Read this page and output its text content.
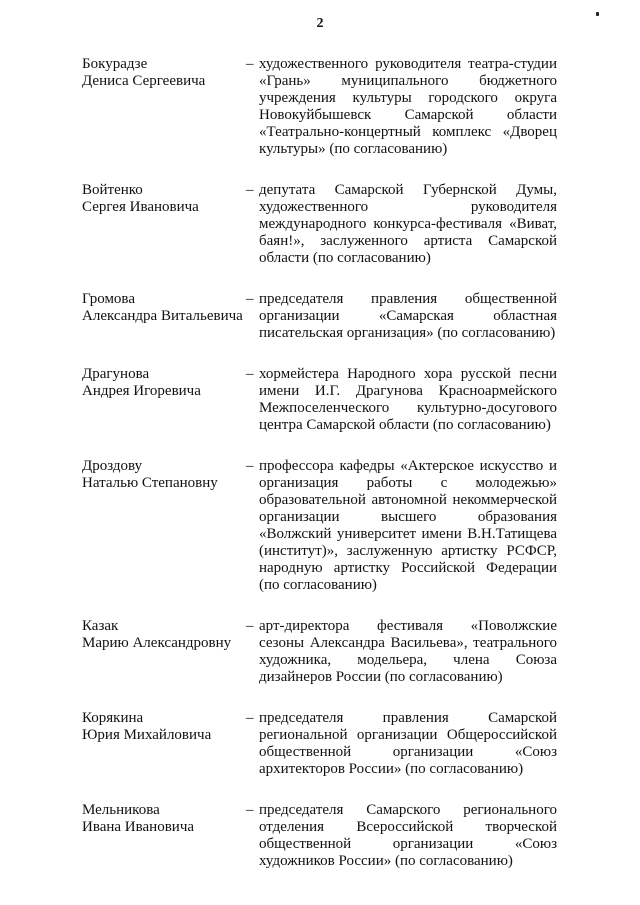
2
Бокурадзе
Дениса Сергеевича
– художественного руководителя театра-студии «Грань» муниципального бюджетного учреждения культуры городского округа Новокуйбышевск Самарской области «Театрально-концертный комплекс «Дворец культуры» (по согласованию)
Войтенко
Сергея Ивановича
– депутата Самарской Губернской Думы, художественного руководителя международного конкурса-фестиваля «Виват, баян!», заслуженного артиста Самарской области (по согласованию)
Громова
Александра Витальевича
– председателя правления общественной организации «Самарская областная писательская организация» (по согласованию)
Драгунова
Андрея Игоревича
– хормейстера Народного хора русской песни имени И.Г. Драгунова Красноармейского Межпоселенческого культурно-досугового центра Самарской области (по согласованию)
Дроздову
Наталью Степановну
– профессора кафедры «Актерское искусство и организация работы с молодежью» образовательной автономной некоммерческой организации высшего образования «Волжский университет имени В.Н.Татищева (институт)», заслуженную артистку РСФСР, народную артистку Российской Федерации (по согласованию)
Казак
Марию Александровну
– арт-директора фестиваля «Поволжские сезоны Александра Васильева», театрального художника, модельера, члена Союза дизайнеров России (по согласованию)
Корякина
Юрия Михайловича
– председателя правления Самарской региональной организации Общероссийской общественной организации «Союз архитекторов России» (по согласованию)
Мельникова
Ивана Ивановича
– председателя Самарского регионального отделения Всероссийской творческой общественной организации «Союз художников России» (по согласованию)
